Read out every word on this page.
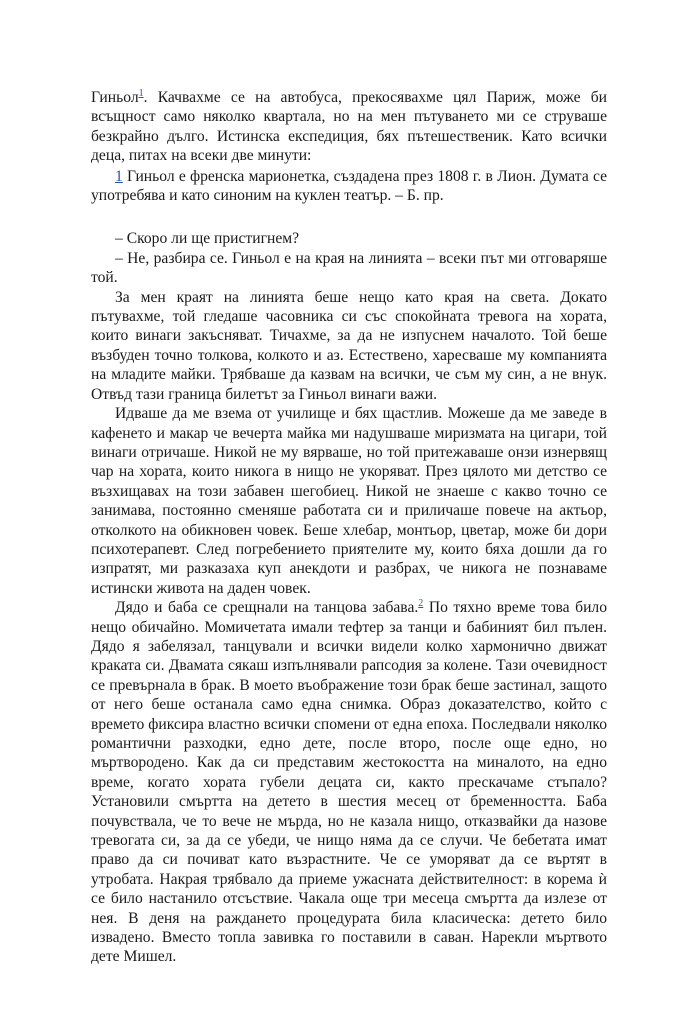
Гиньол$^1$. Качвахме се на автобуса, прекосявахме цял Париж, може би всъщност само няколко квартала, но на мен пътуването ми се струваше безкрайно дълго. Истинска експедиция, бях пътешественик. Като всички деца, питах на всеки две минути:

1 Гиньол е френска марионетка, създадена през 1808 г. в Лион. Думата се употребява и като синоним на куклен театър. – Б. пр.

– Скоро ли ще пристигнем?

– Не, разбира се. Гиньол е на края на линията – всеки път ми отговаряше той.

За мен краят на линията беше нещо като края на света. Докато пътувахме, той гледаше часовника си със спокойната тревога на хората, които винаги закъсняват. Тичахме, за да не изпуснем началото. Той беше възбуден точно толкова, колкото и аз. Естествено, харесваше му компанията на младите майки. Трябваше да казвам на всички, че съм му син, а не внук. Отвъд тази граница билетът за Гиньол винаги важи.

Идваше да ме взема от училище и бях щастлив. Можеше да ме заведе в кафенето и макар че вечерта майка ми надушваше миризмата на цигари, той винаги отричаше. Никой не му вярваше, но той притежаваше онзи изнервящ чар на хората, които никога в нищо не укоряват. През цялото ми детство се възхищавах на този забавен шегобиец. Никой не знаеше с какво точно се занимава, постоянно сменяше работата си и приличаше повече на актьор, отколкото на обикновен човек. Беше хлебар, монтьор, цветар, може би дори психотерапевт. След погребението приятелите му, които бяха дошли да го изпратят, ми разказаха куп анекдоти и разбрах, че никога не познаваме истински живота на даден човек.

Дядо и баба се срещнали на танцова забава.$^2$ По тяхно време това било нещо обичайно. Момичетата имали тефтер за танци и бабиният бил пълен. Дядо я забелязал, танцували и всички видели колко хармонично движат краката си. Двамата сякаш изпълнявали рапсодия за колене. Тази очевидност се превърнала в брак. В моето въображение този брак беше застинал, защото от него беше останала само една снимка. Образ доказателство, който с времето фиксира властно всички спомени от една епоха. Последвали няколко романтични разходки, едно дете, после второ, после още едно, но мъртвородено. Как да си представим жестокостта на миналото, на едно време, когато хората губели децата си, както прескачаме стъпало? Установили смъртта на детето в шестия месец от бременността. Баба почувствала, че то вече не мърда, но не казала нищо, отказвайки да назове тревогата си, за да се убеди, че нищо няма да се случи. Че бебетата имат право да си почиват като възрастните. Че се уморяват да се въртят в утробата. Накрая трябвало да приеме ужасната действителност: в корема ѝ се било настанило отсъствие. Чакала още три месеца смъртта да излезе от нея. В деня на раждането процедурата била класическа: детето било извадено. Вместо топла завивка го поставили в саван. Нарекли мъртвото дете Мишел.
